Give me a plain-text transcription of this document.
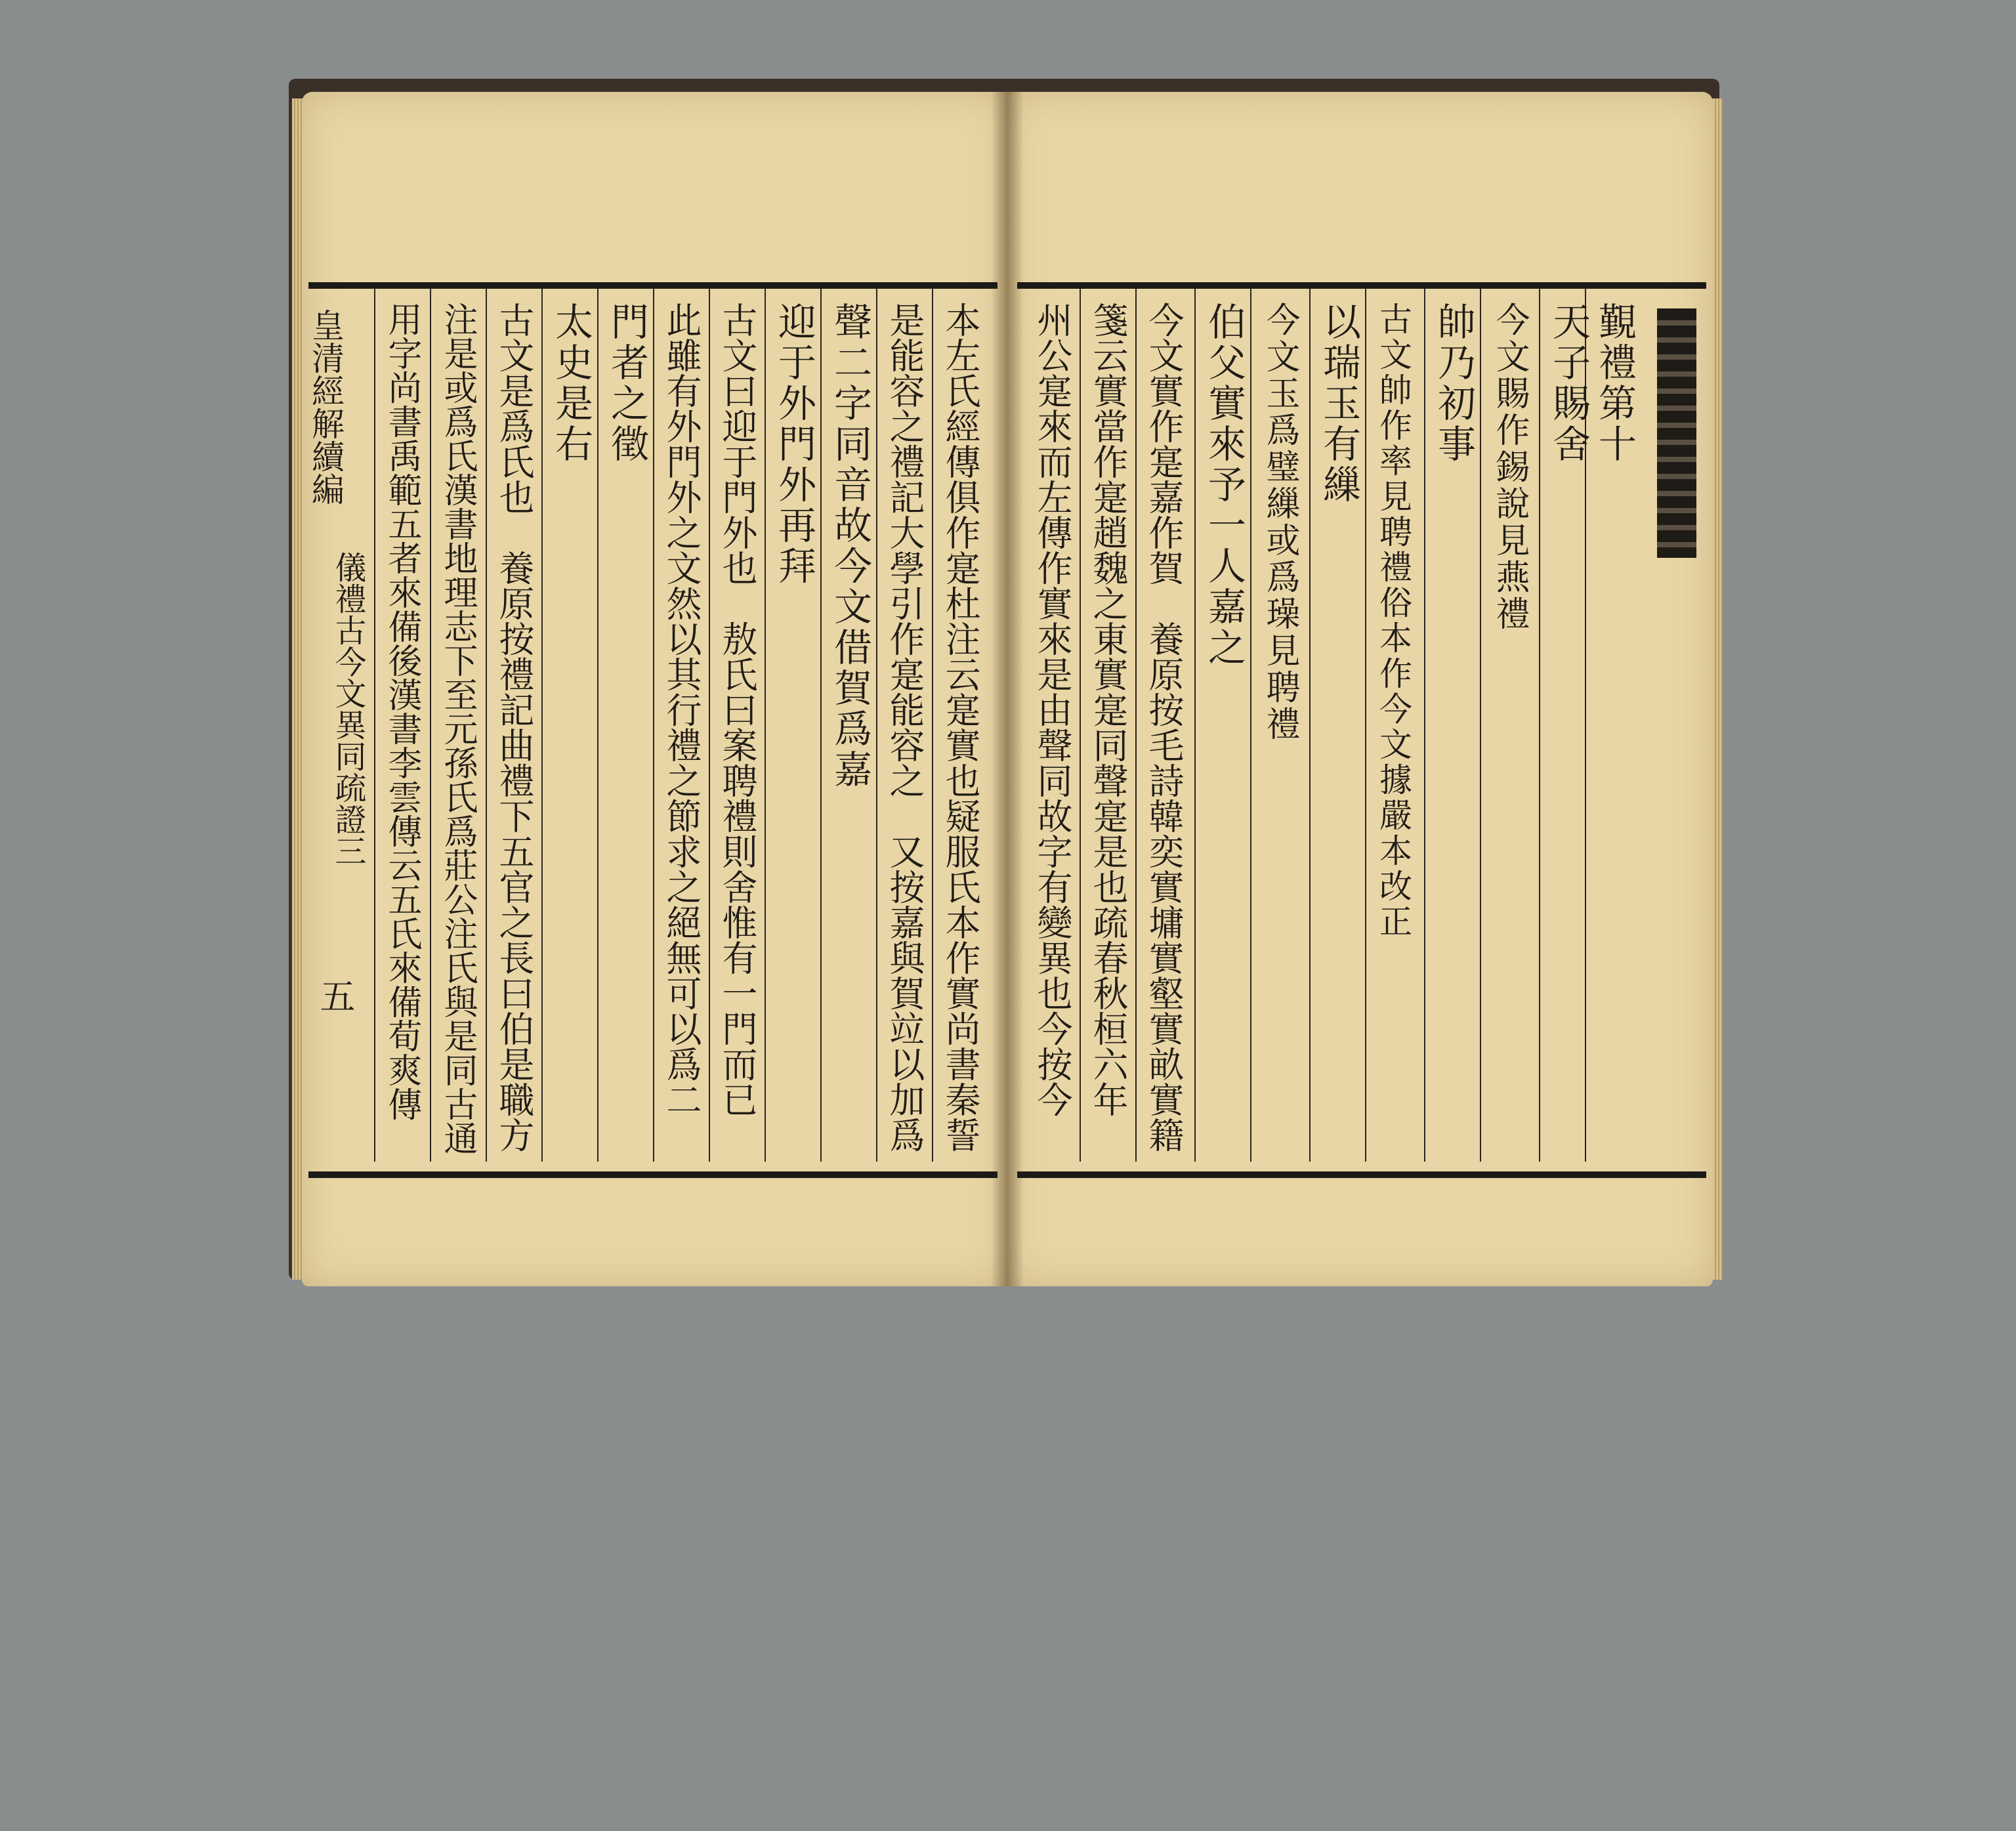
覲禮第十
天子賜舍
今文賜作錫說見燕禮
帥乃初事
古文帥作率見聘禮俗本作今文據嚴本改正
以瑞玉有繅
今文玉爲璧繅或爲璪見聘禮
伯父實來予一人嘉之
今文實作寔嘉作賀　養原按毛詩韓奕實墉實壑實畝實籍
箋云實當作寔趙魏之東實寔同聲寔是也疏春秋桓六年
州公寔來而左傳作實來是由聲同故字有變異也今按今
本左氏經傳俱作寔杜注云寔實也疑服氏本作實尚書秦誓
是能容之禮記大學引作寔能容之　又按嘉與賀竝以加爲
聲二字同音故今文借賀爲嘉
迎于外門外再拜
古文曰迎于門外也　敖氏曰案聘禮則舍惟有一門而已
此雖有外門外之文然以其行禮之節求之絕無可以爲二
門者之徵
太史是右
古文是爲氏也　養原按禮記曲禮下五官之長曰伯是職方
注是或爲氏漢書地理志下至元孫氏爲莊公注氏與是同古通
用字尚書禹範五者來備後漢書李雲傳云五氏來備荀爽傳
皇清經解續編
儀禮古今文異同疏證三
五
